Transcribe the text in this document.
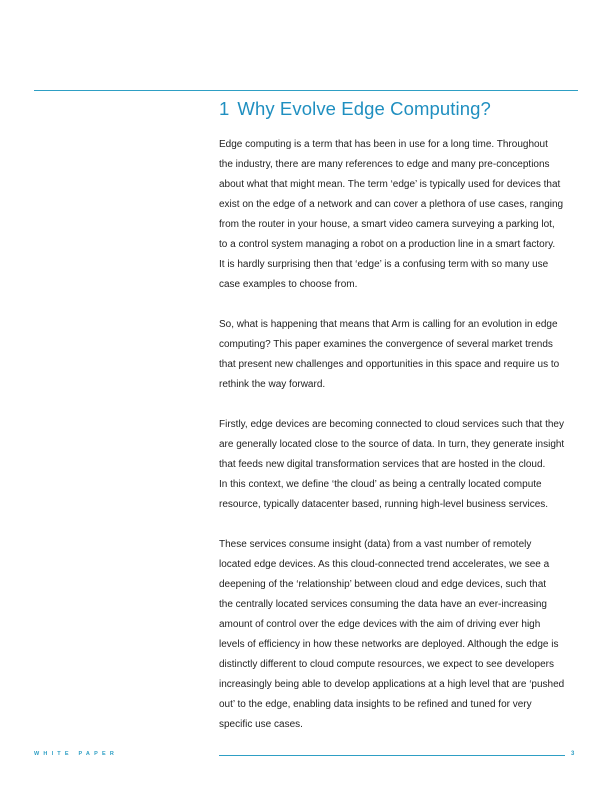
1 Why Evolve Edge Computing?

Edge computing is a term that has been in use for a long time. Throughout
the industry, there are many references to edge and many pre-conceptions
about what that might mean. The term ‘edge’ is typically used for devices that
exist on the edge of a network and can cover a plethora of use cases, ranging
from the router in your house, a smart video camera surveying a parking lot,
to a control system managing a robot on a production line in a smart factory.
It is hardly surprising then that ‘edge’ is a confusing term with so many use
case examples to choose from.

So, what is happening that means that Arm is calling for an evolution in edge
computing? This paper examines the convergence of several market trends
that present new challenges and opportunities in this space and require us to
rethink the way forward.

Firstly, edge devices are becoming connected to cloud services such that they
are generally located close to the source of data. In turn, they generate insight
that feeds new digital transformation services that are hosted in the cloud.
In this context, we define ‘the cloud’ as being a centrally located compute
resource, typically datacenter based, running high-level business services.

These services consume insight (data) from a vast number of remotely
located edge devices. As this cloud-connected trend accelerates, we see a
deepening of the ‘relationship’ between cloud and edge devices, such that
the centrally located services consuming the data have an ever-increasing
amount of control over the edge devices with the aim of driving ever high
levels of efficiency in how these networks are deployed. Although the edge is
distinctly different to cloud compute resources, we expect to see developers
increasingly being able to develop applications at a high level that are ‘pushed
out’ to the edge, enabling data insights to be refined and tuned for very
specific use cases.

WHITE PAPER	3
